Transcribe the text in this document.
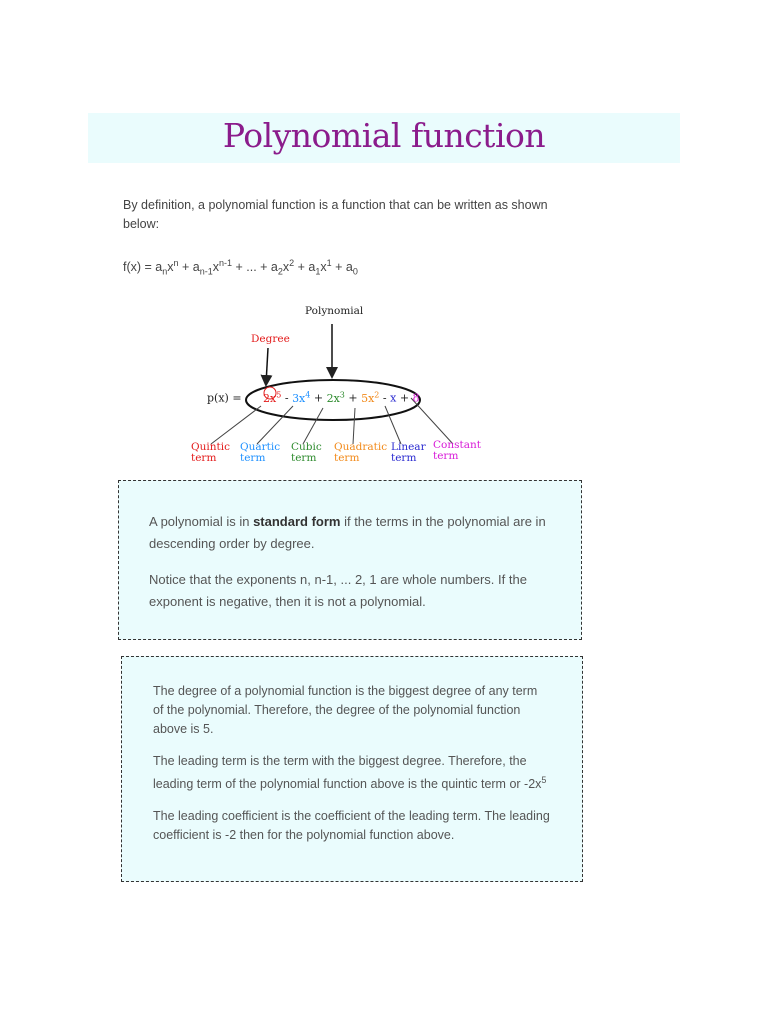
Polynomial function
By definition, a polynomial function is a function that can be written as shown below:
$f(x) = a_nx^n + a_{n-1}x^{n-1}$ + ... + $a_2x^2 + a_1x^1 + a_0$
Polynomial
Degree
$p(x) = 2x^5 - 3x^4 + 2x^3 + 5x^2 - x + 8$
Quintic
term
Quartic
term
Cubic
term
Quadratic
term
Linear
term
Constant
term

A polynomial is in standard form if the terms in the polynomial are in descending order by degree.

Notice that the exponents n, n-1, ... 2, 1 are whole numbers. If the exponent is negative, then it is not a polynomial.

The degree of a polynomial function is the biggest degree of any term of the polynomial. Therefore, the degree of the polynomial function above is 5.

The leading term is the term with the biggest degree. Therefore, the leading term of the polynomial function above is the quintic term or $-2x^5$

The leading coefficient is the coefficient of the leading term. The leading coefficient is -2 then for the polynomial function above.
